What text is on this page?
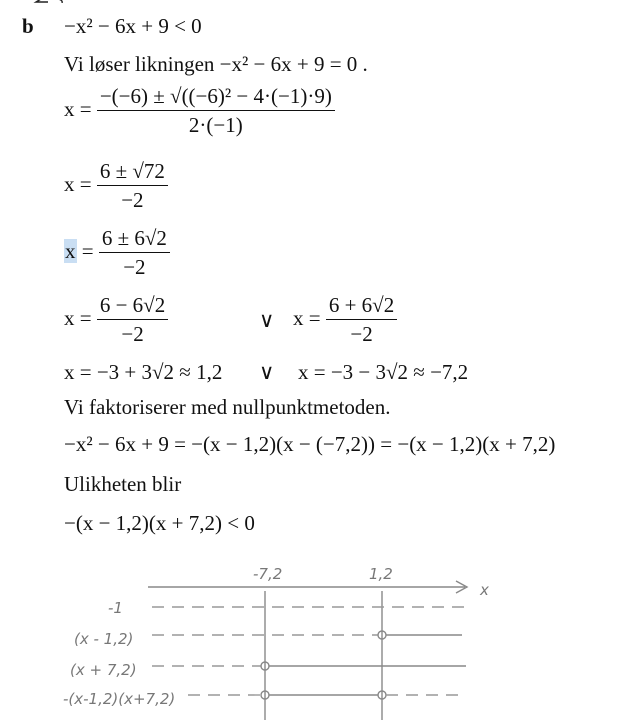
b −x² − 6x + 9 < 0
Vi løser likningen −x² − 6x + 9 = 0 .
$x = \frac{\text{−(−6) ± √((−6)² − 4·(−1)·9)}}{2\cdot(-1)}$
$x = \frac{6 \pm √72}{-2}$
$x = \frac{6 \pm 6√2}{-2}$
$x = \frac{6 - 6√2}{-2}$	∨ $x = \frac{6 + 6√2}{-2}$
x = −3 + 3√2 ≈ 1,2 ∨ x = −3 − 3√2 ≈ −7,2
Vi faktoriserer med nullpunktmetoden.
−x² − 6x + 9 = −(x − 1,2)(x − (−7,2)) = −(x − 1,2)(x + 7,2)
Ulikheten blir
−(x − 1,2)(x + 7,2) < 0
-7,2	1,2
x
-1
(x - 1,2)
(x + 7,2)
-(x-1,2)(x+7,2)
